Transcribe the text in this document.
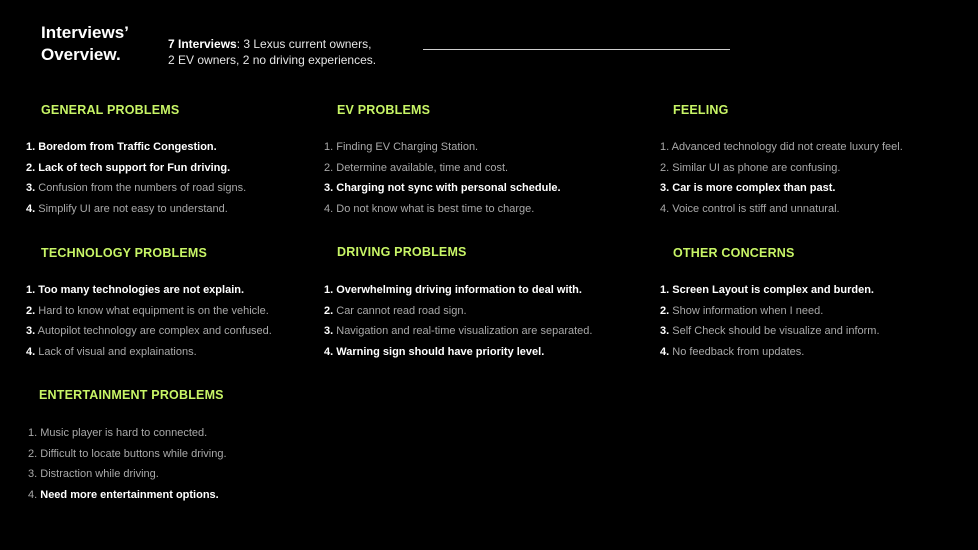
Interviews’
Overview.
7 Interviews: 3 Lexus current owners,
2 EV owners, 2 no driving experiences.
GENERAL PROBLEMS
1. Boredom from Traffic Congestion.
2. Lack of tech support for Fun driving.
3. Confusion from the numbers of road signs.
4. Simplify UI are not easy to understand.
EV PROBLEMS
1. Finding EV Charging Station.
2. Determine available, time and cost.
3. Charging not sync with personal schedule.
4. Do not know what is best time to charge.
FEELING
1. Advanced technology did not create luxury feel.
2. Similar UI as phone are confusing.
3. Car is more complex than past.
4. Voice control is stiff and unnatural.
TECHNOLOGY PROBLEMS
1. Too many technologies are not explain.
2. Hard to know what equipment is on the vehicle.
3. Autopilot technology are complex and confused.
4. Lack of visual and explainations.
DRIVING PROBLEMS
1. Overwhelming driving information to deal with.
2. Car cannot read road sign.
3. Navigation and real-time visualization are separated.
4. Warning sign should have priority level.
OTHER CONCERNS
1. Screen Layout is complex and burden.
2. Show information when I need.
3. Self Check should be visualize and inform.
4. No feedback from updates.
ENTERTAINMENT PROBLEMS
1. Music player is hard to connected.
2. Difficult to locate buttons while driving.
3. Distraction while driving.
4. Need more entertainment options.
